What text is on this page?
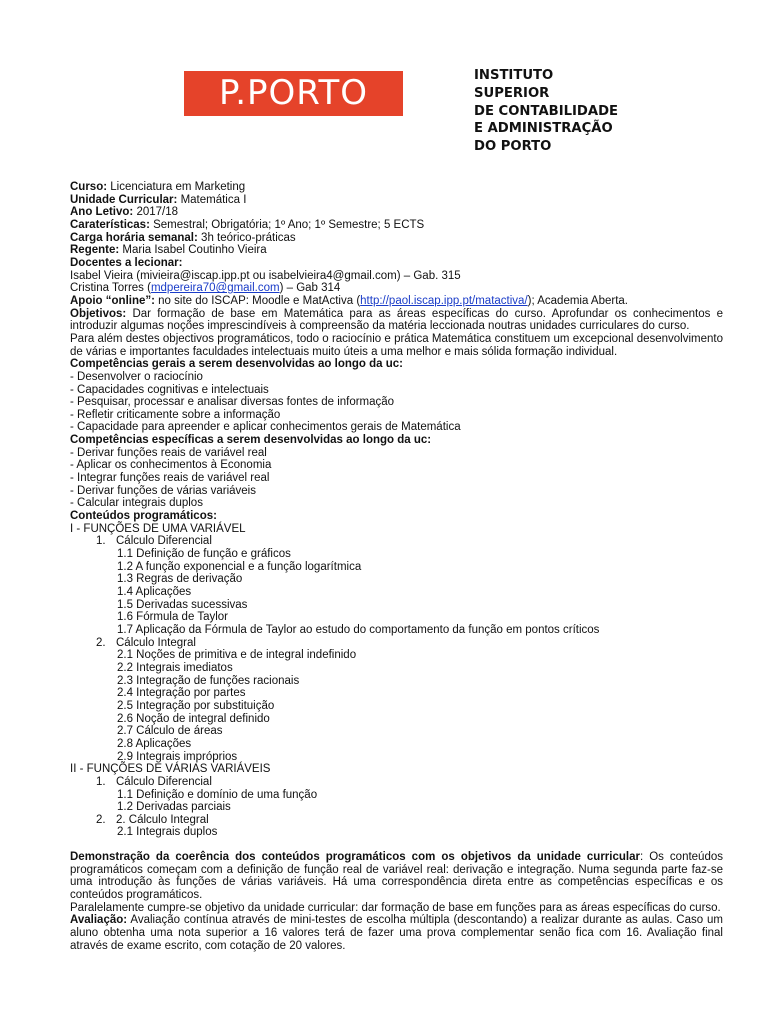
P.PORTO	INSTITUTO
SUPERIOR
DE CONTABILIDADE
E ADMINISTRAÇÃO
DO PORTO
Curso: Licenciatura em Marketing
Unidade Curricular: Matemática I
Ano Letivo: 2017/18
Caraterísticas: Semestral; Obrigatória; 1º Ano; 1º Semestre; 5 ECTS
Carga horária semanal: 3h teórico-práticas
Regente: Maria Isabel Coutinho Vieira
Docentes a lecionar:
Isabel Vieira (mivieira@iscap.ipp.pt ou isabelvieira4@gmail.com) – Gab. 315
Cristina Torres (mdpereira70@gmail.com) – Gab 314
Apoio “online”: no site do ISCAP: Moodle e MatActiva (http://paol.iscap.ipp.pt/matactiva/); Academia Aberta.
Objetivos: Dar formação de base em Matemática para as áreas específicas do curso. Aprofundar os conhecimentos e introduzir algumas noções imprescindíveis à compreensão da matéria leccionada noutras unidades curriculares do curso.
Para além destes objectivos programáticos, todo o raciocínio e prática Matemática constituem um excepcional desenvolvimento de várias e importantes faculdades intelectuais muito úteis a uma melhor e mais sólida formação individual.
Competências gerais a serem desenvolvidas ao longo da uc:
- Desenvolver o raciocínio
- Capacidades cognitivas e intelectuais
- Pesquisar, processar e analisar diversas fontes de informação
- Refletir criticamente sobre a informação
- Capacidade para apreender e aplicar conhecimentos gerais de Matemática
Competências específicas a serem desenvolvidas ao longo da uc:
- Derivar funções reais de variável real
- Aplicar os conhecimentos à Economia
- Integrar funções reais de variável real
- Derivar funções de várias variáveis
- Calcular integrais duplos
Conteúdos programáticos:
I - FUNÇÕES DE UMA VARIÁVEL
1. Cálculo Diferencial
1.1 Definição de função e gráficos
1.2 A função exponencial e a função logarítmica
1.3 Regras de derivação
1.4 Aplicações
1.5 Derivadas sucessivas
1.6 Fórmula de Taylor
1.7 Aplicação da Fórmula de Taylor ao estudo do comportamento da função em pontos críticos
2. Cálculo Integral
2.1 Noções de primitiva e de integral indefinido
2.2 Integrais imediatos
2.3 Integração de funções racionais
2.4 Integração por partes
2.5 Integração por substituição
2.6 Noção de integral definido
2.7 Cálculo de áreas
2.8 Aplicações
2.9 Integrais impróprios
II - FUNÇÕES DE VÁRIAS VARIÁVEIS
1. Cálculo Diferencial
1.1 Definição e domínio de uma função
1.2 Derivadas parciais
2. 2. Cálculo Integral
2.1 Integrais duplos
Demonstração da coerência dos conteúdos programáticos com os objetivos da unidade curricular: Os conteúdos programáticos começam com a definição de função real de variável real: derivação e integração. Numa segunda parte faz-se uma introdução às funções de várias variáveis. Há uma correspondência direta entre as competências específicas e os conteúdos programáticos.
Paralelamente cumpre-se objetivo da unidade curricular: dar formação de base em funções para as áreas específicas do curso.
Avaliação: Avaliação contínua através de mini-testes de escolha múltipla (descontando) a realizar durante as aulas. Caso um aluno obtenha uma nota superior a 16 valores terá de fazer uma prova complementar senão fica com 16. Avaliação final através de exame escrito, com cotação de 20 valores.
